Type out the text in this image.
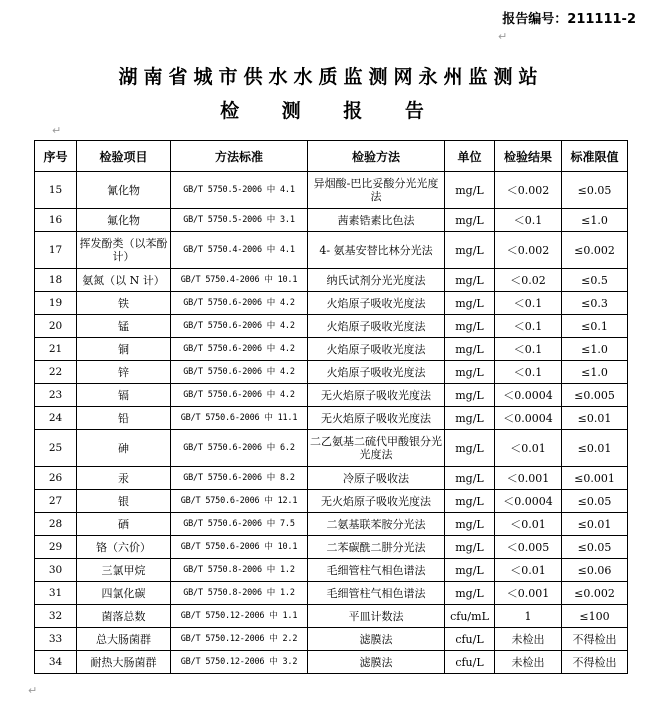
报告编号：211111-2
↵
湖南省城市供水水质监测网永州监测站
检 测 报 告
↵
序号	检验项目	方法标准	检验方法	单位	检验结果	标准限值
15	氰化物	GB/T 5750.5-2006 中 4.1	异烟酸-巴比妥酸分光光度法	mg/L	＜0.002	≤0.05
16	氟化物	GB/T 5750.5-2006 中 3.1	茜素锆素比色法	mg/L	＜0.1	≤1.0
17	挥发酚类（以苯酚计）	GB/T 5750.4-2006 中 4.1	4- 氨基安替比林分光法	mg/L	＜0.002	≤0.002
18	氨氮（以 N 计）	GB/T 5750.4-2006 中 10.1	纳氏试剂分光光度法	mg/L	＜0.02	≤0.5
19	铁	GB/T 5750.6-2006 中 4.2	火焰原子吸收光度法	mg/L	＜0.1	≤0.3
20	锰	GB/T 5750.6-2006 中 4.2	火焰原子吸收光度法	mg/L	＜0.1	≤0.1
21	铜	GB/T 5750.6-2006 中 4.2	火焰原子吸收光度法	mg/L	＜0.1	≤1.0
22	锌	GB/T 5750.6-2006 中 4.2	火焰原子吸收光度法	mg/L	＜0.1	≤1.0
23	镉	GB/T 5750.6-2006 中 4.2	无火焰原子吸收光度法	mg/L	＜0.0004	≤0.005
24	铅	GB/T 5750.6-2006 中 11.1	无火焰原子吸收光度法	mg/L	＜0.0004	≤0.01
25	砷	GB/T 5750.6-2006 中 6.2	二乙氨基二硫代甲酸银分光光度法	mg/L	＜0.01	≤0.01
26	汞	GB/T 5750.6-2006 中 8.2	冷原子吸收法	mg/L	＜0.001	≤0.001
27	银	GB/T 5750.6-2006 中 12.1	无火焰原子吸收光度法	mg/L	＜0.0004	≤0.05
28	硒	GB/T 5750.6-2006 中 7.5	二氨基联苯胺分光法	mg/L	＜0.01	≤0.01
29	铬（六价）	GB/T 5750.6-2006 中 10.1	二苯碳酰二肼分光法	mg/L	＜0.005	≤0.05
30	三氯甲烷	GB/T 5750.8-2006 中 1.2	毛细管柱气相色谱法	mg/L	＜0.01	≤0.06
31	四氯化碳	GB/T 5750.8-2006 中 1.2	毛细管柱气相色谱法	mg/L	＜0.001	≤0.002
32	菌落总数	GB/T 5750.12-2006 中 1.1	平皿计数法	cfu/mL	1	≤100
33	总大肠菌群	GB/T 5750.12-2006 中 2.2	滤膜法	cfu/L	未检出	不得检出
34	耐热大肠菌群	GB/T 5750.12-2006 中 3.2	滤膜法	cfu/L	未检出	不得检出
↵
